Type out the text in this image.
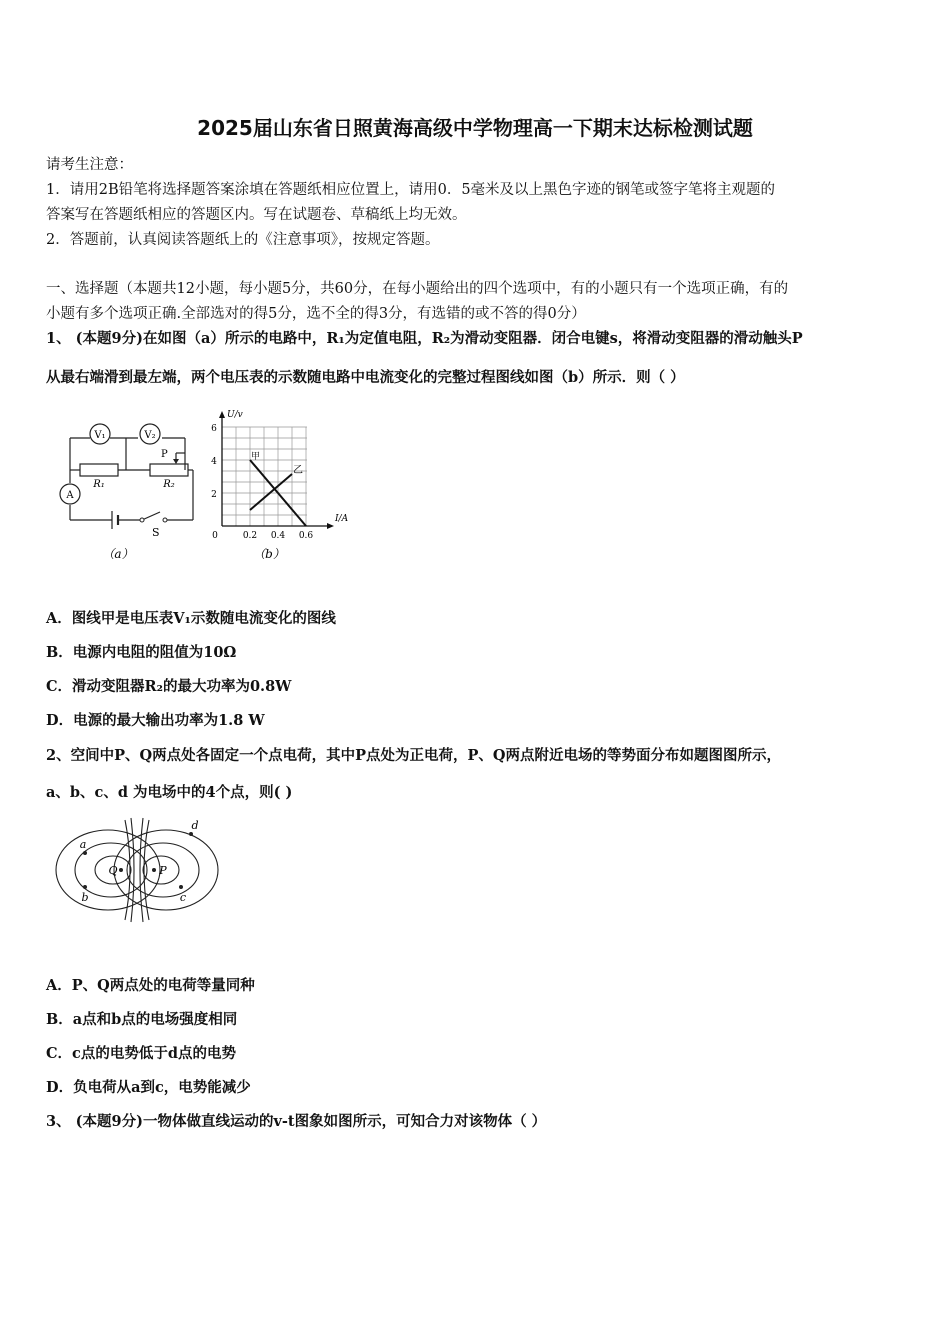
2025届山东省日照黄海高级中学物理高一下期末达标检测试题
请考生注意：
1．请用2B铅笔将选择题答案涂填在答题纸相应位置上，请用0．5毫米及以上黑色字迹的钢笔或签字笔将主观题的
答案写在答题纸相应的答题区内。写在试题卷、草稿纸上均无效。
2．答题前，认真阅读答题纸上的《注意事项》，按规定答题。
一、选择题（本题共12小题，每小题5分，共60分，在每小题给出的四个选项中，有的小题只有一个选项正确，有的
小题有多个选项正确.全部选对的得5分，选不全的得3分，有选错的或不答的得0分）
1、 (本题9分)在如图（a）所示的电路中，R₁为定值电阻，R₂为滑动变阻器．闭合电键s，将滑动变阻器的滑动触头P
从最右端滑到最左端，两个电压表的示数随电路中电流变化的完整过程图线如图（b）所示．则（ ）
V₁	V₂
P
R₁	R₂
A
S
（a）
U/v
I/A
6
4
2
0	0.2 0.4 0.6
甲
乙
（b）
A．图线甲是电压表V₁示数随电流变化的图线
B．电源内电阻的阻值为10Ω
C．滑动变阻器R₂的最大功率为0.8W
D．电源的最大输出功率为1.8 W
2、空间中P、Q两点处各固定一个点电荷，其中P点处为正电荷，P、Q两点附近电场的等势面分布如题图图所示，
a、b、c、d 为电场中的4个点，则( )
Q	P
a
b	c
d
A．P、Q两点处的电荷等量同种
B．a点和b点的电场强度相同
C．c点的电势低于d点的电势
D．负电荷从a到c，电势能减少
3、 (本题9分)一物体做直线运动的v-t图象如图所示，可知合力对该物体（ ）
